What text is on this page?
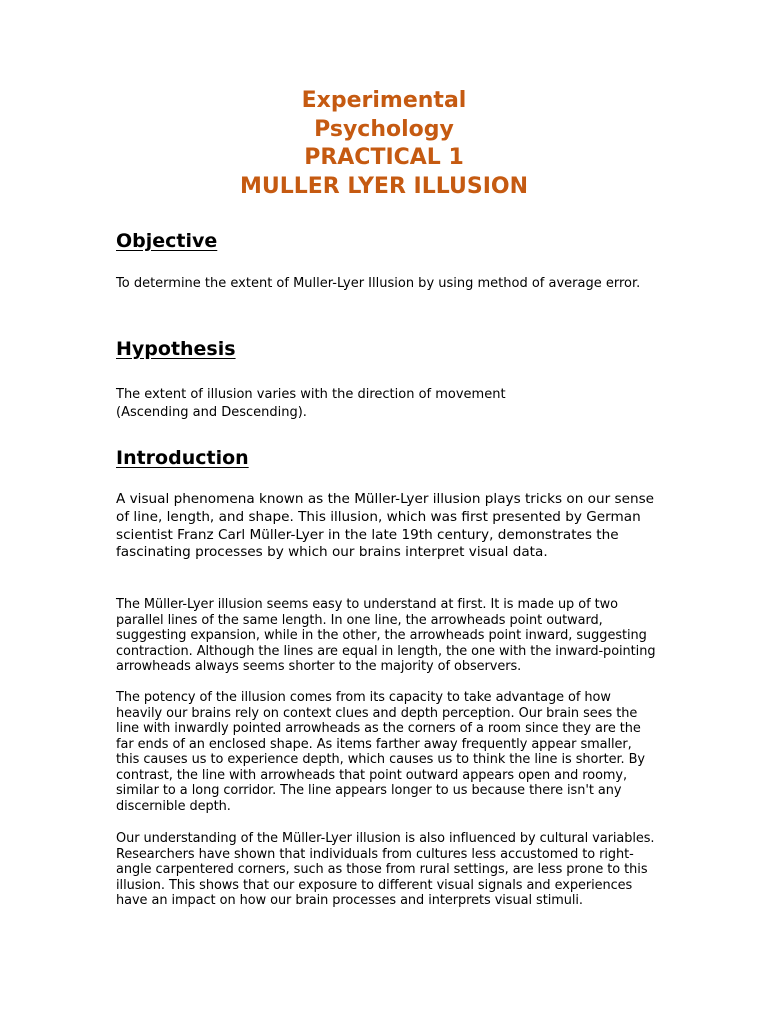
Experimental
Psychology
PRACTICAL 1
MULLER LYER ILLUSION
Objective

To determine the extent of Muller-Lyer Illusion by using method of average error.

Hypothesis

The extent of illusion varies with the direction of movement (Ascending and Descending).

Introduction

A visual phenomena known as the Müller-Lyer illusion plays tricks on our sense of line, length, and shape. This illusion, which was first presented by German scientist Franz Carl Müller-Lyer in the late 19th century, demonstrates the fascinating processes by which our brains interpret visual data.

The Müller-Lyer illusion seems easy to understand at first. It is made up of two parallel lines of the same length. In one line, the arrowheads point outward, suggesting expansion, while in the other, the arrowheads point inward, suggesting contraction. Although the lines are equal in length, the one with the inward-pointing arrowheads always seems shorter to the majority of observers.

The potency of the illusion comes from its capacity to take advantage of how heavily our brains rely on context clues and depth perception. Our brain sees the line with inwardly pointed arrowheads as the corners of a room since they are the far ends of an enclosed shape. As items farther away frequently appear smaller, this causes us to experience depth, which causes us to think the line is shorter. By contrast, the line with arrowheads that point outward appears open and roomy, similar to a long corridor. The line appears longer to us because there isn't any discernible depth.

Our understanding of the Müller-Lyer illusion is also influenced by cultural variables. Researchers have shown that individuals from cultures less accustomed to right-angle carpentered corners, such as those from rural settings, are less prone to this illusion. This shows that our exposure to different visual signals and experiences have an impact on how our brain processes and interprets visual stimuli.
